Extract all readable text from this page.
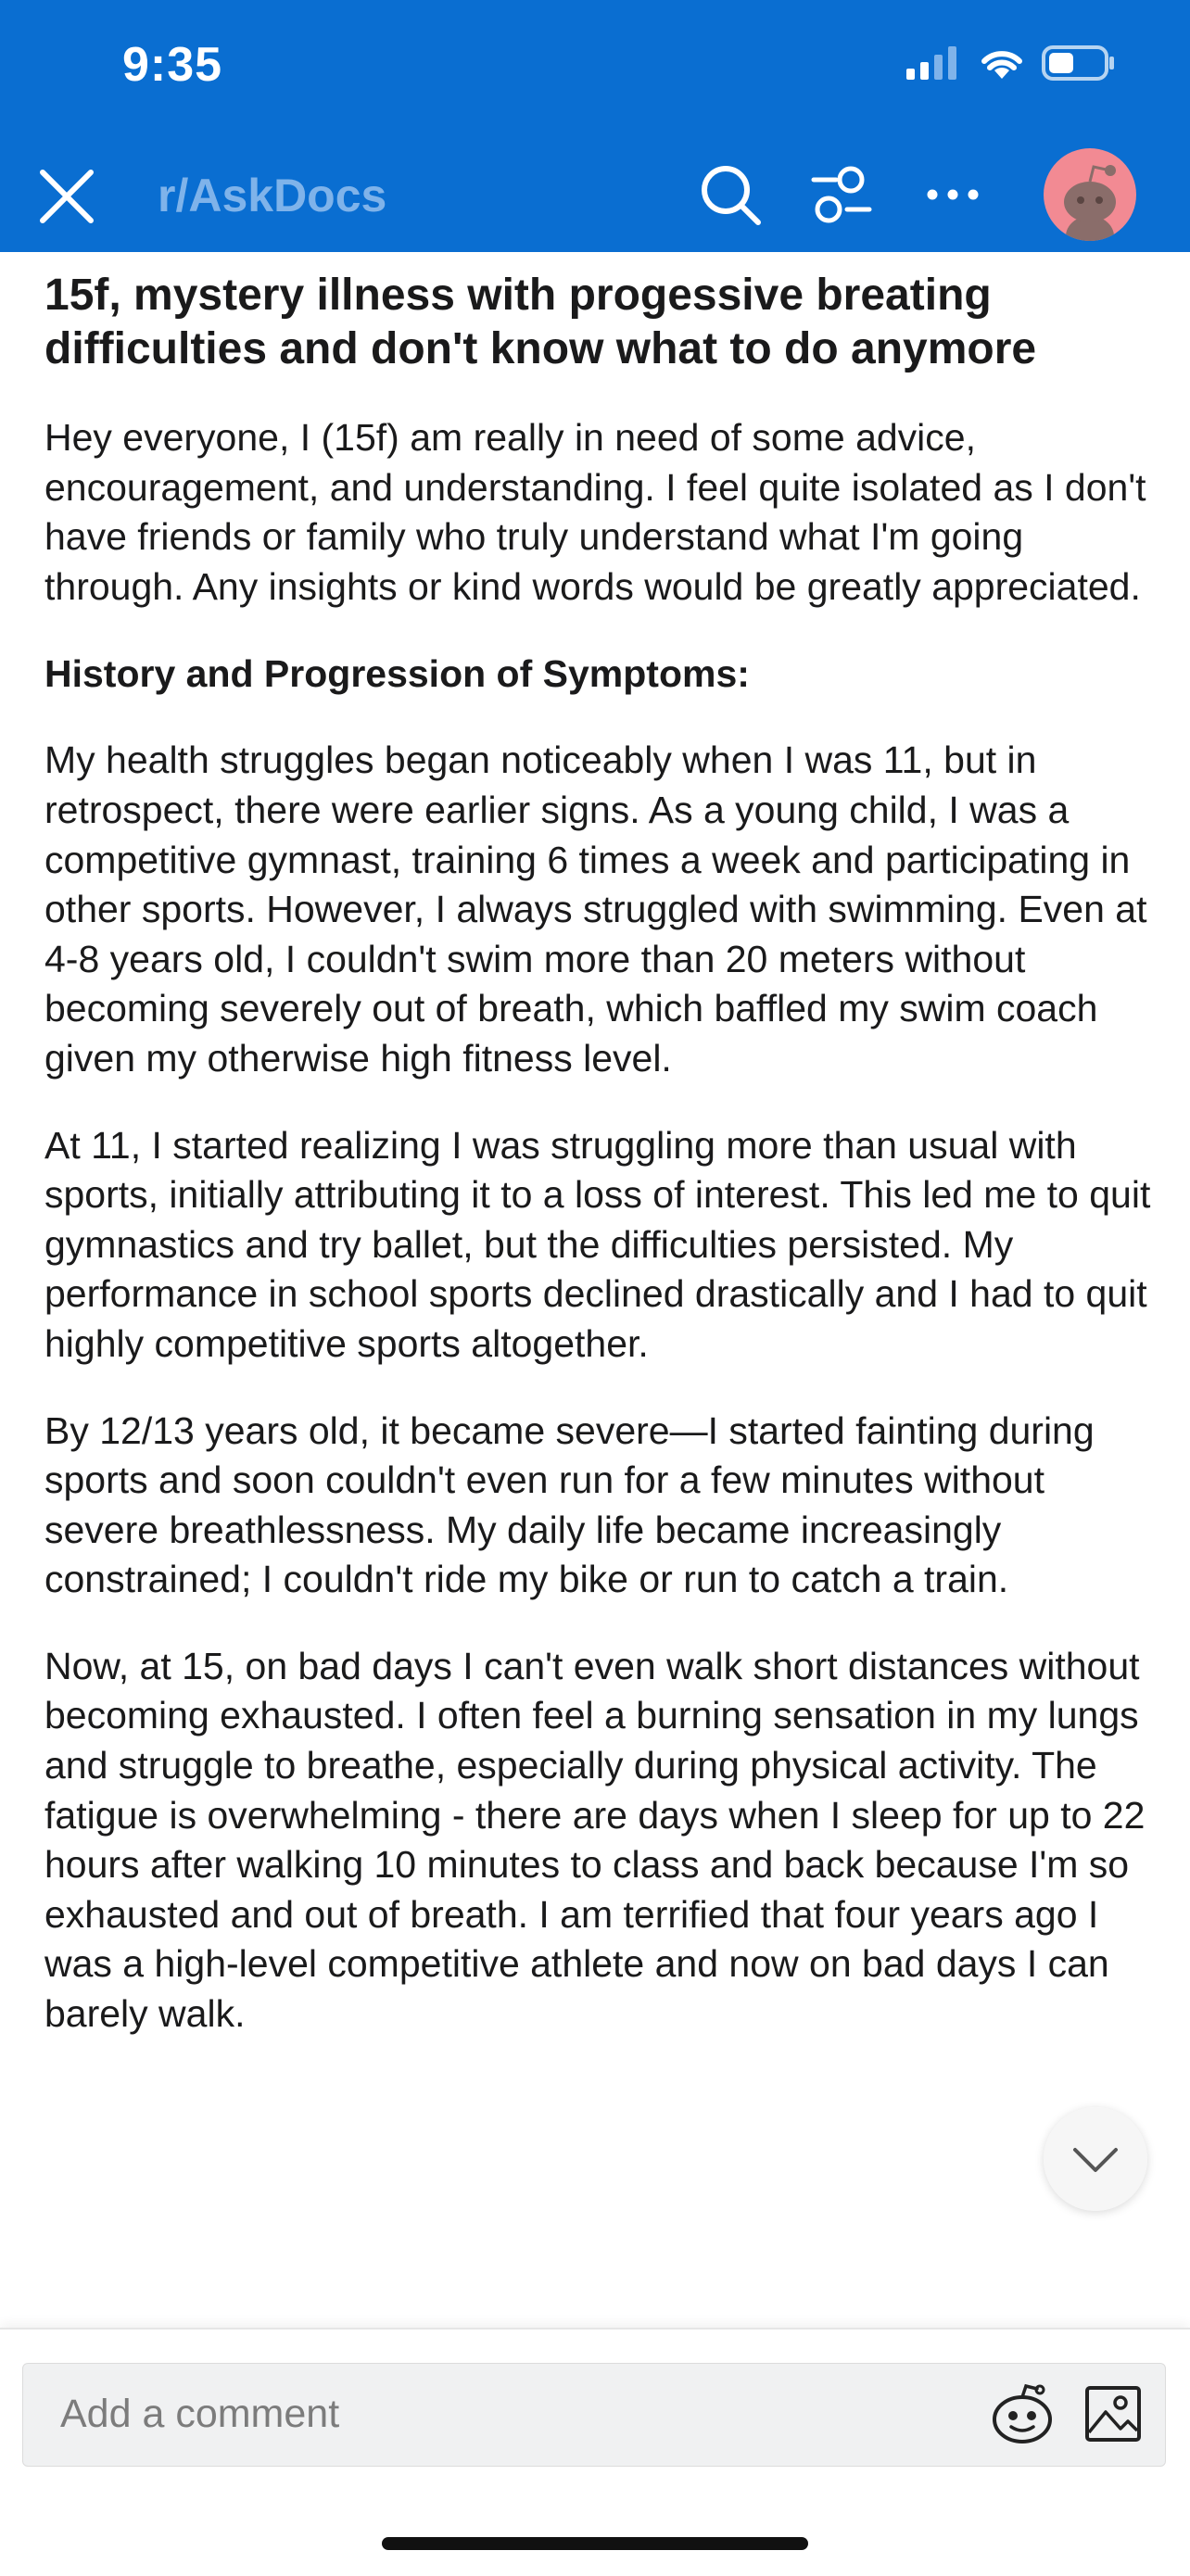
9:35
r/AskDocs
15f, mystery illness with progessive breating difficulties and don't know what to do anymore

Hey everyone, I (15f) am really in need of some advice, encouragement, and understanding. I feel quite isolated as I don't have friends or family who truly understand what I'm going through. Any insights or kind words would be greatly appreciated.

History and Progression of Symptoms:

My health struggles began noticeably when I was 11, but in retrospect, there were earlier signs. As a young child, I was a competitive gymnast, training 6 times a week and participating in other sports. However, I always struggled with swimming. Even at 4-8 years old, I couldn't swim more than 20 meters without becoming severely out of breath, which baffled my swim coach given my otherwise high fitness level.

At 11, I started realizing I was struggling more than usual with sports, initially attributing it to a loss of interest. This led me to quit gymnastics and try ballet, but the difficulties persisted. My performance in school sports declined drastically and I had to quit highly competitive sports altogether.

By 12/13 years old, it became severe—I started fainting during sports and soon couldn't even run for a few minutes without severe breathlessness. My daily life became increasingly constrained; I couldn't ride my bike or run to catch a train.

Now, at 15, on bad days I can't even walk short distances without becoming exhausted. I often feel a burning sensation in my lungs and struggle to breathe, especially during physical activity. The fatigue is overwhelming - there are days when I sleep for up to 22 hours after walking 10 minutes to class and back because I'm so exhausted and out of breath. I am terrified that four years ago I was a high-level competitive athlete and now on bad days I can barely walk.

Add a comment
